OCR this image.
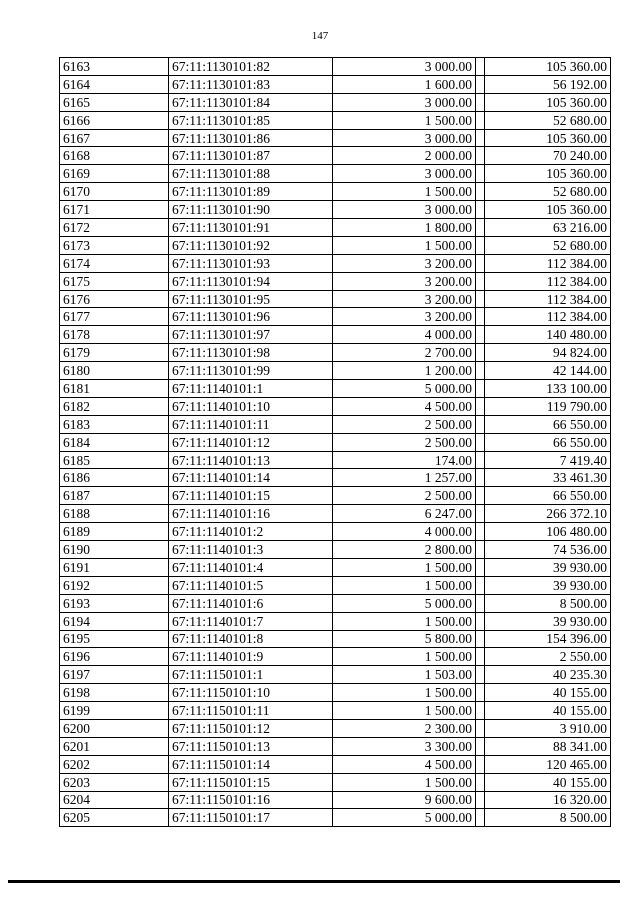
147
6163	67:11:1130101:82	3 000.00		105 360.00
6164	67:11:1130101:83	1 600.00		56 192.00
6165	67:11:1130101:84	3 000.00		105 360.00
6166	67:11:1130101:85	1 500.00		52 680.00
6167	67:11:1130101:86	3 000.00		105 360.00
6168	67:11:1130101:87	2 000.00		70 240.00
6169	67:11:1130101:88	3 000.00		105 360.00
6170	67:11:1130101:89	1 500.00		52 680.00
6171	67:11:1130101:90	3 000.00		105 360.00
6172	67:11:1130101:91	1 800.00		63 216.00
6173	67:11:1130101:92	1 500.00		52 680.00
6174	67:11:1130101:93	3 200.00		112 384.00
6175	67:11:1130101:94	3 200.00		112 384.00
6176	67:11:1130101:95	3 200.00		112 384.00
6177	67:11:1130101:96	3 200.00		112 384.00
6178	67:11:1130101:97	4 000.00		140 480.00
6179	67:11:1130101:98	2 700.00		94 824.00
6180	67:11:1130101:99	1 200.00		42 144.00
6181	67:11:1140101:1	5 000.00		133 100.00
6182	67:11:1140101:10	4 500.00		119 790.00
6183	67:11:1140101:11	2 500.00		66 550.00
6184	67:11:1140101:12	2 500.00		66 550.00
6185	67:11:1140101:13	174.00		7 419.40
6186	67:11:1140101:14	1 257.00		33 461.30
6187	67:11:1140101:15	2 500.00		66 550.00
6188	67:11:1140101:16	6 247.00		266 372.10
6189	67:11:1140101:2	4 000.00		106 480.00
6190	67:11:1140101:3	2 800.00		74 536.00
6191	67:11:1140101:4	1 500.00		39 930.00
6192	67:11:1140101:5	1 500.00		39 930.00
6193	67:11:1140101:6	5 000.00		8 500.00
6194	67:11:1140101:7	1 500.00		39 930.00
6195	67:11:1140101:8	5 800.00		154 396.00
6196	67:11:1140101:9	1 500.00		2 550.00
6197	67:11:1150101:1	1 503.00		40 235.30
6198	67:11:1150101:10	1 500.00		40 155.00
6199	67:11:1150101:11	1 500.00		40 155.00
6200	67:11:1150101:12	2 300.00		3 910.00
6201	67:11:1150101:13	3 300.00		88 341.00
6202	67:11:1150101:14	4 500.00		120 465.00
6203	67:11:1150101:15	1 500.00		40 155.00
6204	67:11:1150101:16	9 600.00		16 320.00
6205	67:11:1150101:17	5 000.00		8 500.00
